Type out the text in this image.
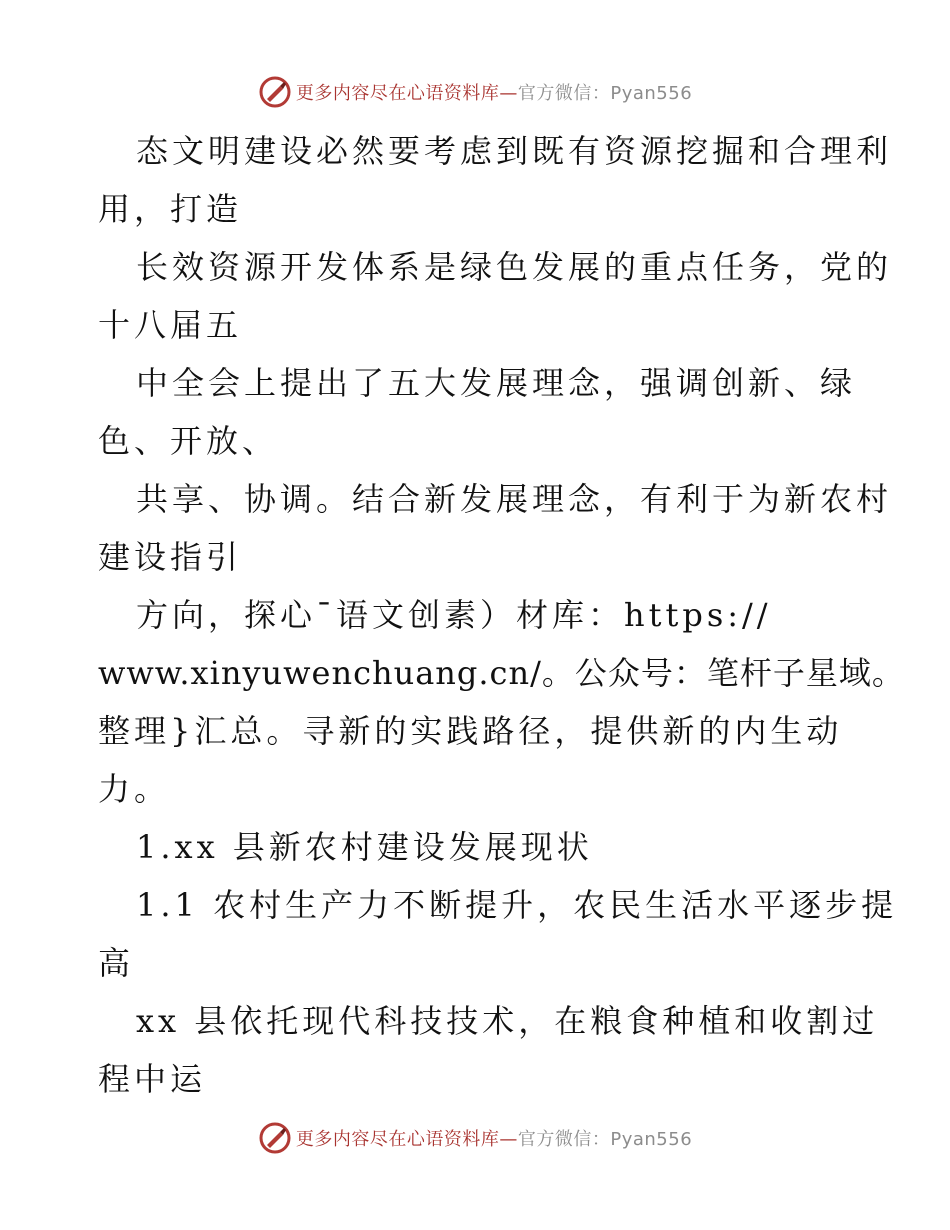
更多内容尽在心语资料库—官方微信：Pyan556
态文明建设必然要考虑到既有资源挖掘和合理利
用，打造
长效资源开发体系是绿色发展的重点任务，党的
十八届五
中全会上提出了五大发展理念，强调创新、绿
色、开放、
共享、协调。结合新发展理念，有利于为新农村
建设指引
方向，探心¯语文创素）材库：https://
www.xinyuwenchuang.cn/。公众号：笔杆子星域。
整理}汇总。寻新的实践路径，提供新的内生动
力。
1.xx 县新农村建设发展现状
1.1 农村生产力不断提升，农民生活水平逐步提
高
xx 县依托现代科技技术，在粮食种植和收割过
程中运
更多内容尽在心语资料库—官方微信：Pyan556
